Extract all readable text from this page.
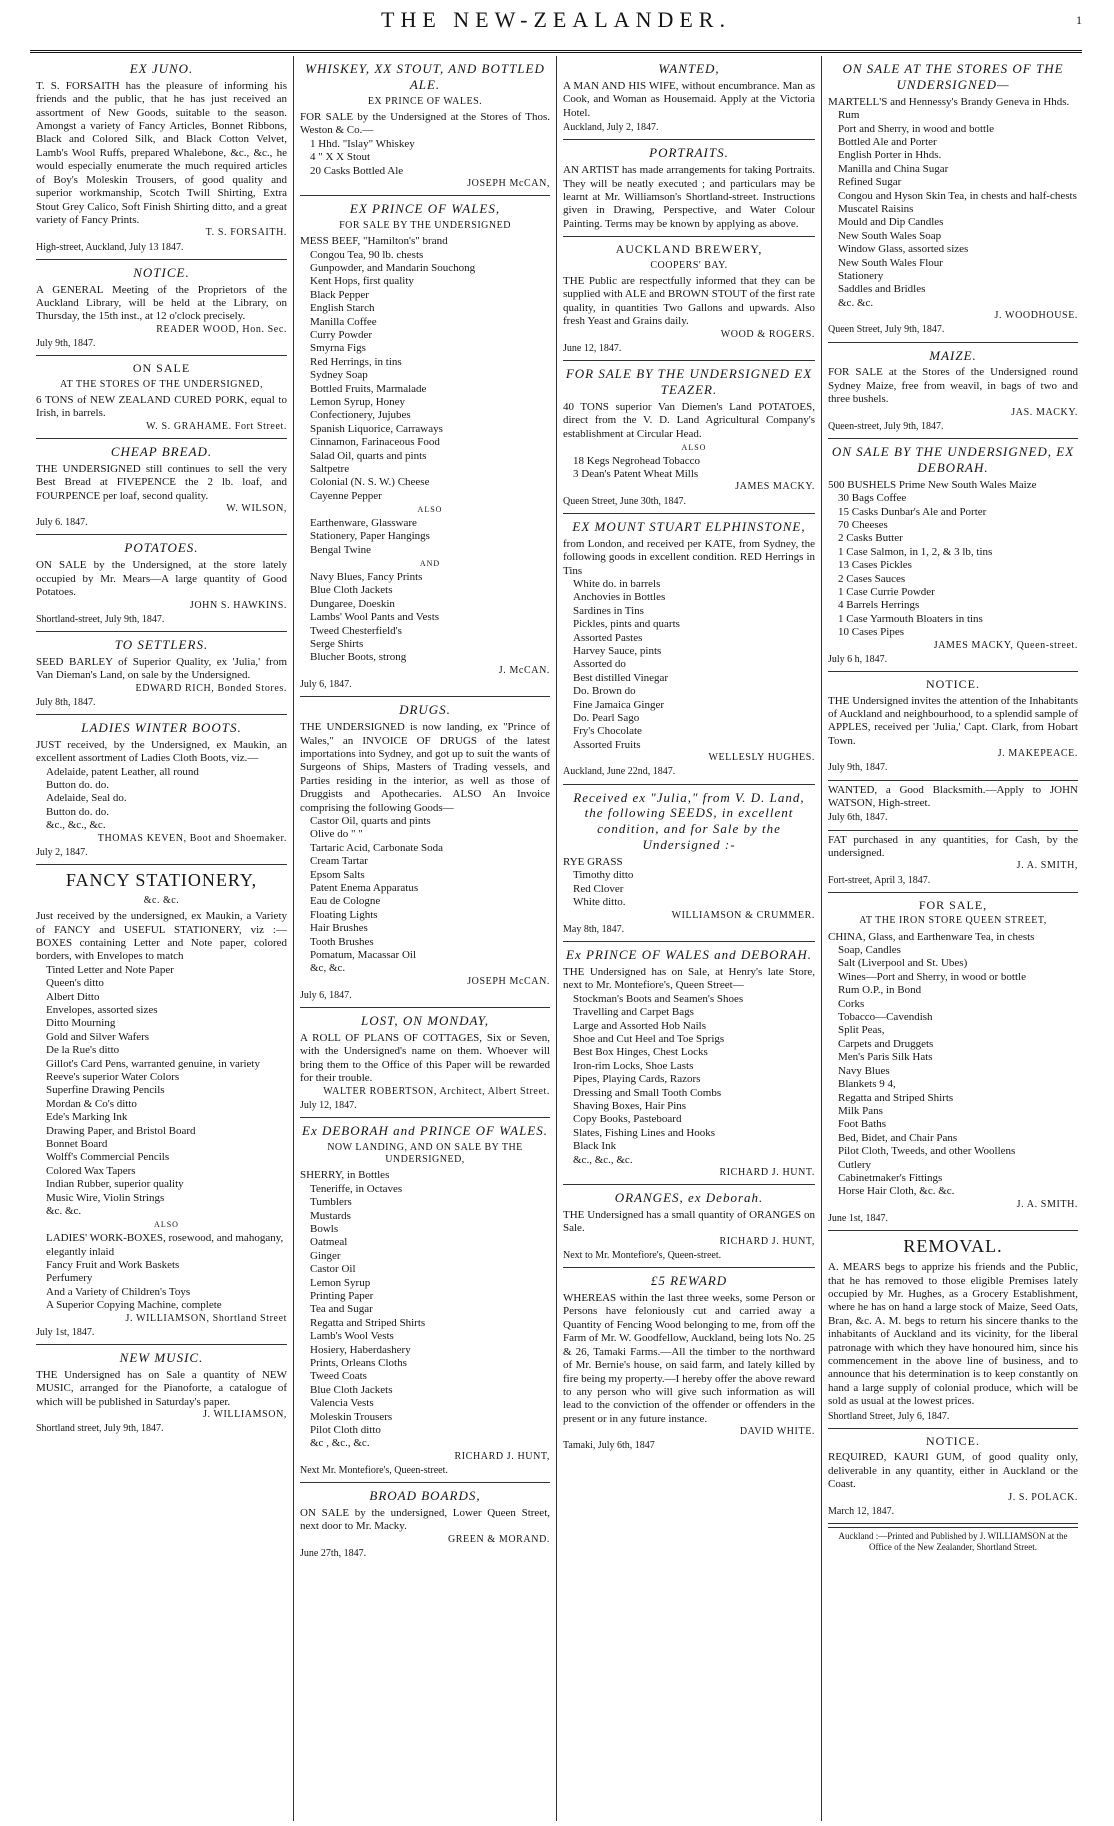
THE NEW-ZEALANDER.	1
EX JUNO.
T. S. FORSAITH has the pleasure of informing his friends and the public, that he has just received an assortment of New Goods, suitable to the season. Amongst a variety of Fancy Articles, Bonnet Ribbons, Black and Colored Silk, and Black Cotton Velvet, Lamb's Wool Ruffs, prepared Whalebone, &c., &c., he would especially enumerate the much required articles of Boy's Moleskin Trousers, of good quality and superior workmanship, Scotch Twill Shirting, Extra Stout Grey Calico, Soft Finish Shirting ditto, and a great variety of Fancy Prints.
T. S. FORSAITH.
High-street, Auckland, July 13 1847.
NOTICE.
A GENERAL Meeting of the Proprietors of the Auckland Library, will be held at the Library, on Thursday, the 15th inst., at 12 o'clock precisely.
READER WOOD, Hon. Sec.
July 9th, 1847.
ON SALE
AT THE STORES OF THE UNDERSIGNED,
6 TONS of NEW ZEALAND CURED PORK, equal to Irish, in barrels.
W. S. GRAHAME. Fort Street.
CHEAP BREAD.
THE UNDERSIGNED still continues to sell the very Best Bread at FIVEPENCE the 2 lb. loaf, and FOURPENCE per loaf, second quality.
W. WILSON,
July 6. 1847.
POTATOES.
ON SALE by the Undersigned, at the store lately occupied by Mr. Mears—A large quantity of Good Potatoes.
JOHN S. HAWKINS.
Shortland-street, July 9th, 1847.
TO SETTLERS.
SEED BARLEY of Superior Quality, ex 'Julia,' from Van Dieman's Land, on sale by the Undersigned.
EDWARD RICH, Bonded Stores.
July 8th, 1847.
LADIES WINTER BOOTS.
JUST received, by the Undersigned, ex Maukin, an excellent assortment of Ladies Cloth Boots, viz.—
Adelaide, patent Leather, all round
Button do. do.
Adelaide, Seal do.
Button do. do.
&c., &c., &c.
THOMAS KEVEN, Boot and Shoemaker.
July 2, 1847.
FANCY STATIONERY,
&c. &c.
Just received by the undersigned, ex Maukin, a Variety of FANCY and USEFUL STATIONERY, viz :— BOXES containing Letter and Note paper, colored borders, with Envelopes to match
Tinted Letter and Note Paper
Queen's ditto
Albert Ditto
Envelopes, assorted sizes
Ditto Mourning
Gold and Silver Wafers
De la Rue's ditto
Gillot's Card Pens, warranted genuine, in variety
Reeve's superior Water Colors
Superfine Drawing Pencils
Mordan & Co's ditto
Ede's Marking Ink
Drawing Paper, and Bristol Board
Bonnet Board
Wolff's Commercial Pencils
Colored Wax Tapers
Indian Rubber, superior quality
Music Wire, Violin Strings
&c. &c.
ALSO
LADIES' WORK-BOXES, rosewood, and mahogany, elegantly inlaid
Fancy Fruit and Work Baskets
Perfumery
And a Variety of Children's Toys
A Superior Copying Machine, complete
J. WILLIAMSON, Shortland Street
July 1st, 1847.
NEW MUSIC.
THE Undersigned has on Sale a quantity of NEW MUSIC, arranged for the Pianoforte, a catalogue of which will be published in Saturday's paper.
J. WILLIAMSON,
Shortland street, July 9th, 1847.
WHISKEY, XX STOUT, AND BOTTLED ALE.
EX PRINCE OF WALES.
FOR SALE by the Undersigned at the Stores of Thos. Weston & Co.—
1 Hhd. "Islay" Whiskey
4 " X X Stout
20 Casks Bottled Ale
JOSEPH McCAN,
EX PRINCE OF WALES,
FOR SALE BY THE UNDERSIGNED
MESS BEEF, "Hamilton's" brand
Congou Tea, 90 lb. chests
Gunpowder, and Mandarin Souchong
Kent Hops, first quality
Black Pepper
English Starch
Manilla Coffee
Curry Powder
Smyrna Figs
Red Herrings, in tins
Sydney Soap
Bottled Fruits, Marmalade
Lemon Syrup, Honey
Confectionery, Jujubes
Spanish Liquorice, Carraways
Cinnamon, Farinaceous Food
Salad Oil, quarts and pints
Saltpetre
Colonial (N. S. W.) Cheese
Cayenne Pepper
ALSO
Earthenware, Glassware
Stationery, Paper Hangings
Bengal Twine
AND
Navy Blues, Fancy Prints
Blue Cloth Jackets
Dungaree, Doeskin
Lambs' Wool Pants and Vests
Tweed Chesterfield's
Serge Shirts
Blucher Boots, strong
J. McCAN.
July 6, 1847.
DRUGS.
THE UNDERSIGNED is now landing, ex "Prince of Wales," an INVOICE OF DRUGS of the latest importations into Sydney, and got up to suit the wants of Surgeons of Ships, Masters of Trading vessels, and Parties residing in the interior, as well as those of Druggists and Apothecaries. ALSO An Invoice comprising the following Goods—
Castor Oil, quarts and pints
Olive do " "
Tartaric Acid, Carbonate Soda
Cream Tartar
Epsom Salts
Patent Enema Apparatus
Eau de Cologne
Floating Lights
Hair Brushes
Tooth Brushes
Pomatum, Macassar Oil
&c, &c.
JOSEPH McCAN.
July 6, 1847.
LOST, ON MONDAY,
A ROLL OF PLANS OF COTTAGES, Six or Seven, with the Undersigned's name on them. Whoever will bring them to the Office of this Paper will be rewarded for their trouble.
WALTER ROBERTSON, Architect, Albert Street.
July 12, 1847.
Ex DEBORAH and PRINCE OF WALES.
NOW LANDING, AND ON SALE BY THE UNDERSIGNED,
SHERRY, in Bottles
Teneriffe, in Octaves
Tumblers
Mustards
Bowls
Oatmeal
Ginger
Castor Oil
Lemon Syrup
Printing Paper
Tea and Sugar
Regatta and Striped Shirts
Lamb's Wool Vests
Hosiery, Haberdashery
Prints, Orleans Cloths
Tweed Coats
Blue Cloth Jackets
Valencia Vests
Moleskin Trousers
Pilot Cloth ditto
&c , &c., &c.
RICHARD J. HUNT,
Next Mr. Montefiore's, Queen-street.
BROAD BOARDS,
ON SALE by the undersigned, Lower Queen Street, next door to Mr. Macky.
GREEN & MORAND.
June 27th, 1847.
WANTED,
A MAN AND HIS WIFE, without encumbrance. Man as Cook, and Woman as Housemaid. Apply at the Victoria Hotel.
Auckland, July 2, 1847.
PORTRAITS.
AN ARTIST has made arrangements for taking Portraits. They will be neatly executed ; and particulars may be learnt at Mr. Williamson's Shortland-street. Instructions given in Drawing, Perspective, and Water Colour Painting. Terms may be known by applying as above.
AUCKLAND BREWERY,
COOPERS' BAY.
THE Public are respectfully informed that they can be supplied with ALE and BROWN STOUT of the first rate quality, in quantities Two Gallons and upwards. Also fresh Yeast and Grains daily.
WOOD & ROGERS.
June 12, 1847.
FOR SALE BY THE UNDERSIGNED EX TEAZER.
40 TONS superior Van Diemen's Land POTATOES, direct from the V. D. Land Agricultural Company's establishment at Circular Head.
ALSO
18 Kegs Negrohead Tobacco
3 Dean's Patent Wheat Mills
JAMES MACKY.
Queen Street, June 30th, 1847.
EX MOUNT STUART ELPHINSTONE,
from London, and received per KATE, from Sydney, the following goods in excellent condition. RED Herrings in Tins
White do. in barrels
Anchovies in Bottles
Sardines in Tins
Pickles, pints and quarts
Assorted Pastes
Harvey Sauce, pints
Assorted do
Best distilled Vinegar
Do. Brown do
Fine Jamaica Ginger
Do. Pearl Sago
Fry's Chocolate
Assorted Fruits
WELLESLY HUGHES.
Auckland, June 22nd, 1847.
Received ex "Julia," from V. D. Land, the following SEEDS, in excellent condition, and for Sale by the Undersigned :-
RYE GRASS
Timothy ditto
Red Clover
White ditto.
WILLIAMSON & CRUMMER.
May 8th, 1847.
Ex PRINCE OF WALES and DEBORAH.
THE Undersigned has on Sale, at Henry's late Store, next to Mr. Montefiore's, Queen Street—
Stockman's Boots and Seamen's Shoes
Travelling and Carpet Bags
Large and Assorted Hob Nails
Shoe and Cut Heel and Toe Sprigs
Best Box Hinges, Chest Locks
Iron-rim Locks, Shoe Lasts
Pipes, Playing Cards, Razors
Dressing and Small Tooth Combs
Shaving Boxes, Hair Pins
Copy Books, Pasteboard
Slates, Fishing Lines and Hooks
Black Ink
&c., &c., &c.
RICHARD J. HUNT.
ORANGES, ex Deborah.
THE Undersigned has a small quantity of ORANGES on Sale.
RICHARD J. HUNT,
Next to Mr. Montefiore's, Queen-street.
£5 REWARD
WHEREAS within the last three weeks, some Person or Persons have feloniously cut and carried away a Quantity of Fencing Wood belonging to me, from off the Farm of Mr. W. Goodfellow, Auckland, being lots No. 25 & 26, Tamaki Farms.—All the timber to the northward of Mr. Bernie's house, on said farm, and lately killed by fire being my property.—I hereby offer the above reward to any person who will give such information as will lead to the conviction of the offender or offenders in the present or in any future instance.
DAVID WHITE.
Tamaki, July 6th, 1847
ON SALE AT THE STORES OF THE UNDERSIGNED—
MARTELL'S and Hennessy's Brandy Geneva in Hhds.
Rum
Port and Sherry, in wood and bottle
Bottled Ale and Porter
English Porter in Hhds.
Manilla and China Sugar
Refined Sugar
Congou and Hyson Skin Tea, in chests and half-chests
Muscatel Raisins
Mould and Dip Candles
New South Wales Soap
Window Glass, assorted sizes
New South Wales Flour
Stationery
Saddles and Bridles
&c. &c.
J. WOODHOUSE.
Queen Street, July 9th, 1847.
MAIZE.
FOR SALE at the Stores of the Undersigned round Sydney Maize, free from weavil, in bags of two and three bushels.
JAS. MACKY.
Queen-street, July 9th, 1847.
ON SALE BY THE UNDERSIGNED, EX DEBORAH.
500 BUSHELS Prime New South Wales Maize
30 Bags Coffee
15 Casks Dunbar's Ale and Porter
70 Cheeses
2 Casks Butter
1 Case Salmon, in 1, 2, & 3 lb, tins
13 Cases Pickles
2 Cases Sauces
1 Case Currie Powder
4 Barrels Herrings
1 Case Yarmouth Bloaters in tins
10 Cases Pipes
JAMES MACKY, Queen-street.
July 6 h, 1847.
NOTICE.
THE Undersigned invites the attention of the Inhabitants of Auckland and neighbourhood, to a splendid sample of APPLES, received per 'Julia,' Capt. Clark, from Hobart Town.
J. MAKEPEACE.
July 9th, 1847.
WANTED, a Good Blacksmith.—Apply to JOHN WATSON, High-street.
July 6th, 1847.
FAT purchased in any quantities, for Cash, by the undersigned.
J. A. SMITH,
Fort-street, April 3, 1847.
FOR SALE,
AT THE IRON STORE QUEEN STREET,
CHINA, Glass, and Earthenware Tea, in chests
Soap, Candles
Salt (Liverpool and St. Ubes)
Wines—Port and Sherry, in wood or bottle
Rum O.P., in Bond
Corks
Tobacco—Cavendish
Split Peas,
Carpets and Druggets
Men's Paris Silk Hats
Navy Blues
Blankets 9 4,
Regatta and Striped Shirts
Milk Pans
Foot Baths
Bed, Bidet, and Chair Pans
Pilot Cloth, Tweeds, and other Woollens
Cutlery
Cabinetmaker's Fittings
Horse Hair Cloth, &c. &c.
J. A. SMITH.
June 1st, 1847.
REMOVAL.
A. MEARS begs to apprize his friends and the Public, that he has removed to those eligible Premises lately occupied by Mr. Hughes, as a Grocery Establishment, where he has on hand a large stock of Maize, Seed Oats, Bran, &c. A. M. begs to return his sincere thanks to the inhabitants of Auckland and its vicinity, for the liberal patronage with which they have honoured him, since his commencement in the above line of business, and to announce that his determination is to keep constantly on hand a large supply of colonial produce, which will be sold as usual at the lowest prices.
Shortland Street, July 6, 1847.
NOTICE.
REQUIRED, KAURI GUM, of good quality only, deliverable in any quantity, either in Auckland or the Coast.
J. S. POLACK.
March 12, 1847.
Auckland :—Printed and Published by J. WILLIAMSON at the Office of the New Zealander, Shortland Street.
